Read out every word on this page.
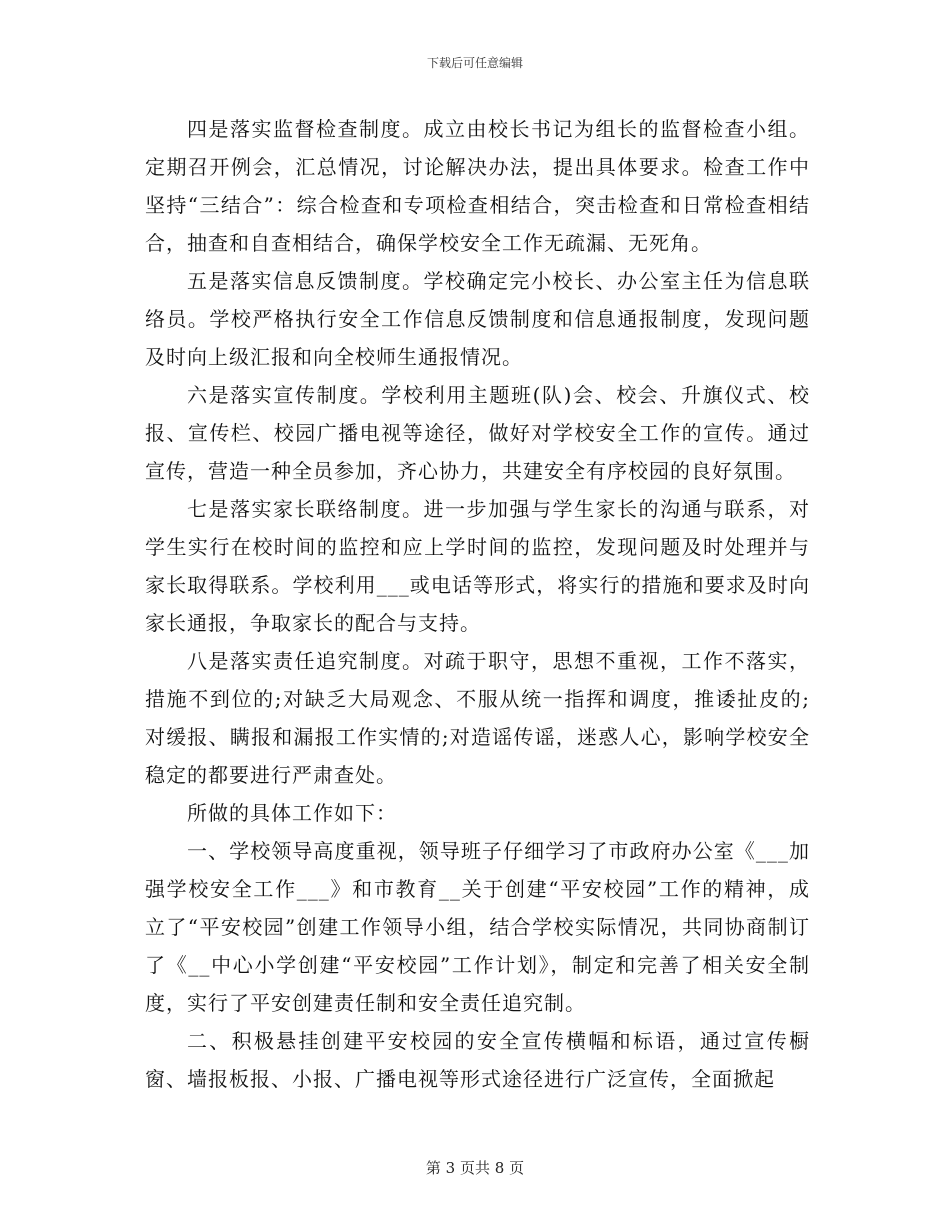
下载后可任意编辑

四是落实监督检查制度。成立由校长书记为组长的监督检查小组。定期召开例会，汇总情况，讨论解决办法，提出具体要求。检查工作中坚持“三结合”：综合检查和专项检查相结合，突击检查和日常检查相结合，抽查和自查相结合，确保学校安全工作无疏漏、无死角。

五是落实信息反馈制度。学校确定完小校长、办公室主任为信息联络员。学校严格执行安全工作信息反馈制度和信息通报制度，发现问题及时向上级汇报和向全校师生通报情况。

六是落实宣传制度。学校利用主题班(队)会、校会、升旗仪式、校报、宣传栏、校园广播电视等途径，做好对学校安全工作的宣传。通过宣传，营造一种全员参加，齐心协力，共建安全有序校园的良好氛围。

七是落实家长联络制度。进一步加强与学生家长的沟通与联系，对学生实行在校时间的监控和应上学时间的监控，发现问题及时处理并与家长取得联系。学校利用___或电话等形式，将实行的措施和要求及时向家长通报，争取家长的配合与支持。

八是落实责任追究制度。对疏于职守，思想不重视，工作不落实，措施不到位的;对缺乏大局观念、不服从统一指挥和调度，推诿扯皮的;对缓报、瞒报和漏报工作实情的;对造谣传谣，迷惑人心，影响学校安全稳定的都要进行严肃查处。

所做的具体工作如下：

一、学校领导高度重视，领导班子仔细学习了市政府办公室《___加强学校安全工作___》和市教育__关于创建“平安校园”工作的精神，成立了“平安校园”创建工作领导小组，结合学校实际情况，共同协商制订了《__中心小学创建“平安校园”工作计划》，制定和完善了相关安全制度，实行了平安创建责任制和安全责任追究制。

二、积极悬挂创建平安校园的安全宣传横幅和标语，通过宣传橱窗、墙报板报、小报、广播电视等形式途径进行广泛宣传，全面掀起

第 3 页共 8 页
